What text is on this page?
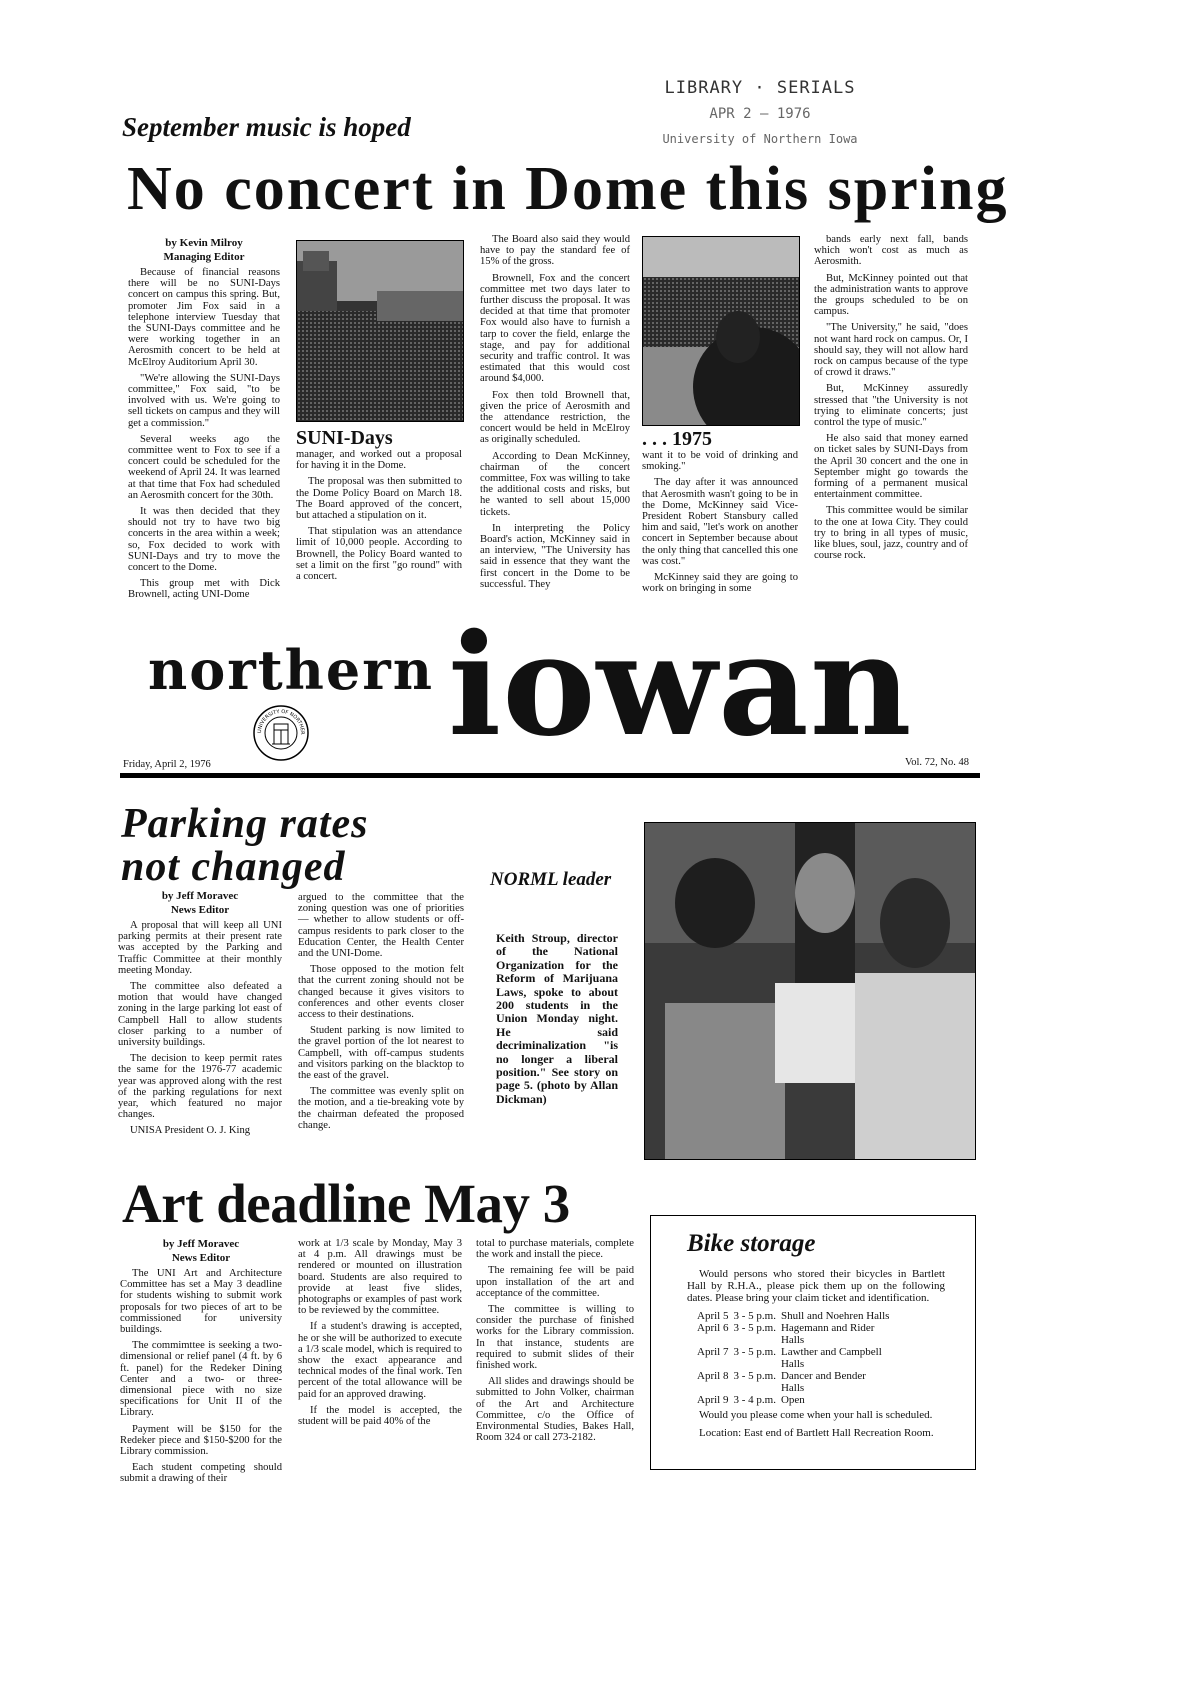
LIBRARY · SERIALS
APR 2 — 1976
University of Northern Iowa
September music is hoped
No concert in Dome this spring
by Kevin Milroy
Managing Editor

Because of financial reasons there will be no SUNI-Days concert on campus this spring. But, promoter Jim Fox said in a telephone interview Tuesday that the SUNI-Days committee and he were working together in an Aerosmith concert to be held at McElroy Auditorium April 30.

"We're allowing the SUNI-Days committee," Fox said, "to be involved with us. We're going to sell tickets on campus and they will get a commission."

Several weeks ago the committee went to Fox to see if a concert could be scheduled for the weekend of April 24. It was learned at that time that Fox had scheduled an Aerosmith concert for the 30th.

It was then decided that they should not try to have two big concerts in the area within a week; so, Fox decided to work with SUNI-Days and try to move the concert to the Dome.

This group met with Dick Brownell, acting UNI-Dome

SUNI-Days

manager, and worked out a proposal for having it in the Dome.

The proposal was then submitted to the Dome Policy Board on March 18. The Board approved of the concert, but attached a stipulation on it.

That stipulation was an attendance limit of 10,000 people. According to Brownell, the Policy Board wanted to set a limit on the first "go round" with a concert.

The Board also said they would have to pay the standard fee of 15% of the gross.

Brownell, Fox and the concert committee met two days later to further discuss the proposal. It was decided at that time that promoter Fox would also have to furnish a tarp to cover the field, enlarge the stage, and pay for additional security and traffic control. It was estimated that this would cost around $4,000.

Fox then told Brownell that, given the price of Aerosmith and the attendance restriction, the concert would be held in McElroy as originally scheduled.

According to Dean McKinney, chairman of the concert committee, Fox was willing to take the additional costs and risks, but he wanted to sell about 15,000 tickets.

In interpreting the Policy Board's action, McKinney said in an interview, "The University has said in essence that they want the first concert in the Dome to be successful. They

. . . 1975

want it to be void of drinking and smoking."

The day after it was announced that Aerosmith wasn't going to be in the Dome, McKinney said Vice-President Robert Stansbury called him and said, "let's work on another concert in September because about the only thing that cancelled this one was cost."

McKinney said they are going to work on bringing in some

bands early next fall, bands which won't cost as much as Aerosmith.

But, McKinney pointed out that the administration wants to approve the groups scheduled to be on campus.

"The University," he said, "does not want hard rock on campus. Or, I should say, they will not allow hard rock on campus because of the type of crowd it draws."

But, McKinney assuredly stressed that "the University is not trying to eliminate concerts; just control the type of music."

He also said that money earned on ticket sales by SUNI-Days from the April 30 concert and the one in September might go towards the forming of a permanent musical entertainment committee.

This committee would be similar to the one at Iowa City. They could try to bring in all types of music, like blues, soul, jazz, country and of course rock.

northern iowan
UNIVERSITY OF NORTHER
Friday, April 2, 1976	Vol. 72, No. 48
Parking rates
not changed
by Jeff Moravec
News Editor

A proposal that will keep all UNI parking permits at their present rate was accepted by the Parking and Traffic Committee at their monthly meeting Monday.

The committee also defeated a motion that would have changed zoning in the large parking lot east of Campbell Hall to allow students closer parking to a number of university buildings.

The decision to keep permit rates the same for the 1976-77 academic year was approved along with the rest of the parking regulations for next year, which featured no major changes.

UNISA President O. J. King

argued to the committee that the zoning question was one of priorities — whether to allow students or off-campus residents to park closer to the Education Center, the Health Center and the UNI-Dome.

Those opposed to the motion felt that the current zoning should not be changed because it gives visitors to conferences and other events closer access to their destinations.

Student parking is now limited to the gravel portion of the lot nearest to Campbell, with off-campus students and visitors parking on the blacktop to the east of the gravel.

The committee was evenly split on the motion, and a tie-breaking vote by the chairman defeated the proposed change.

NORML leader
Keith Stroup, director of the National Organization for the Reform of Marijuana Laws, spoke to about 200 students in the Union Monday night. He said decriminalization "is no longer a liberal position." See story on page 5. (photo by Allan Dickman)
Art deadline May 3
by Jeff Moravec
News Editor

The UNI Art and Architecture Committee has set a May 3 deadline for students wishing to submit work proposals for two pieces of art to be commissioned for university buildings.

The commimttee is seeking a two-dimensional or relief panel (4 ft. by 6 ft. panel) for the Redeker Dining Center and a two- or three-dimensional piece with no size specifications for Unit II of the Library.

Payment will be $150 for the Redeker piece and $150-$200 for the Library commission.

Each student competing should submit a drawing of their

work at 1/3 scale by Monday, May 3 at 4 p.m. All drawings must be rendered or mounted on illustration board. Students are also required to provide at least five slides, photographs or examples of past work to be reviewed by the committee.

If a student's drawing is accepted, he or she will be authorized to execute a 1/3 scale model, which is required to show the exact appearance and technical modes of the final work. Ten percent of the total allowance will be paid for an approved drawing.

If the model is accepted, the student will be paid 40% of the

total to purchase materials, complete the work and install the piece.

The remaining fee will be paid upon installation of the art and acceptance of the committee.

The committee is willing to consider the purchase of finished works for the Library commission. In that instance, students are required to submit slides of their finished work.

All slides and drawings should be submitted to John Volker, chairman of the Art and Architecture Committee, c/o the Office of Environmental Studies, Bakes Hall, Room 324 or call 273-2182.

Bike storage
Would persons who stored their bicycles in Bartlett Hall by R.H.A., please pick them up on the following dates. Please bring your claim ticket and identification.
April 5	3 - 5 p.m.	Shull and Noehren Halls
April 6	3 - 5 p.m.	Hagemann and Rider Halls
April 7	3 - 5 p.m.	Lawther and Campbell Halls
April 8	3 - 5 p.m.	Dancer and Bender Halls
April 9	3 - 4 p.m.	Open
Would you please come when your hall is scheduled.
Location: East end of Bartlett Hall Recreation Room.
